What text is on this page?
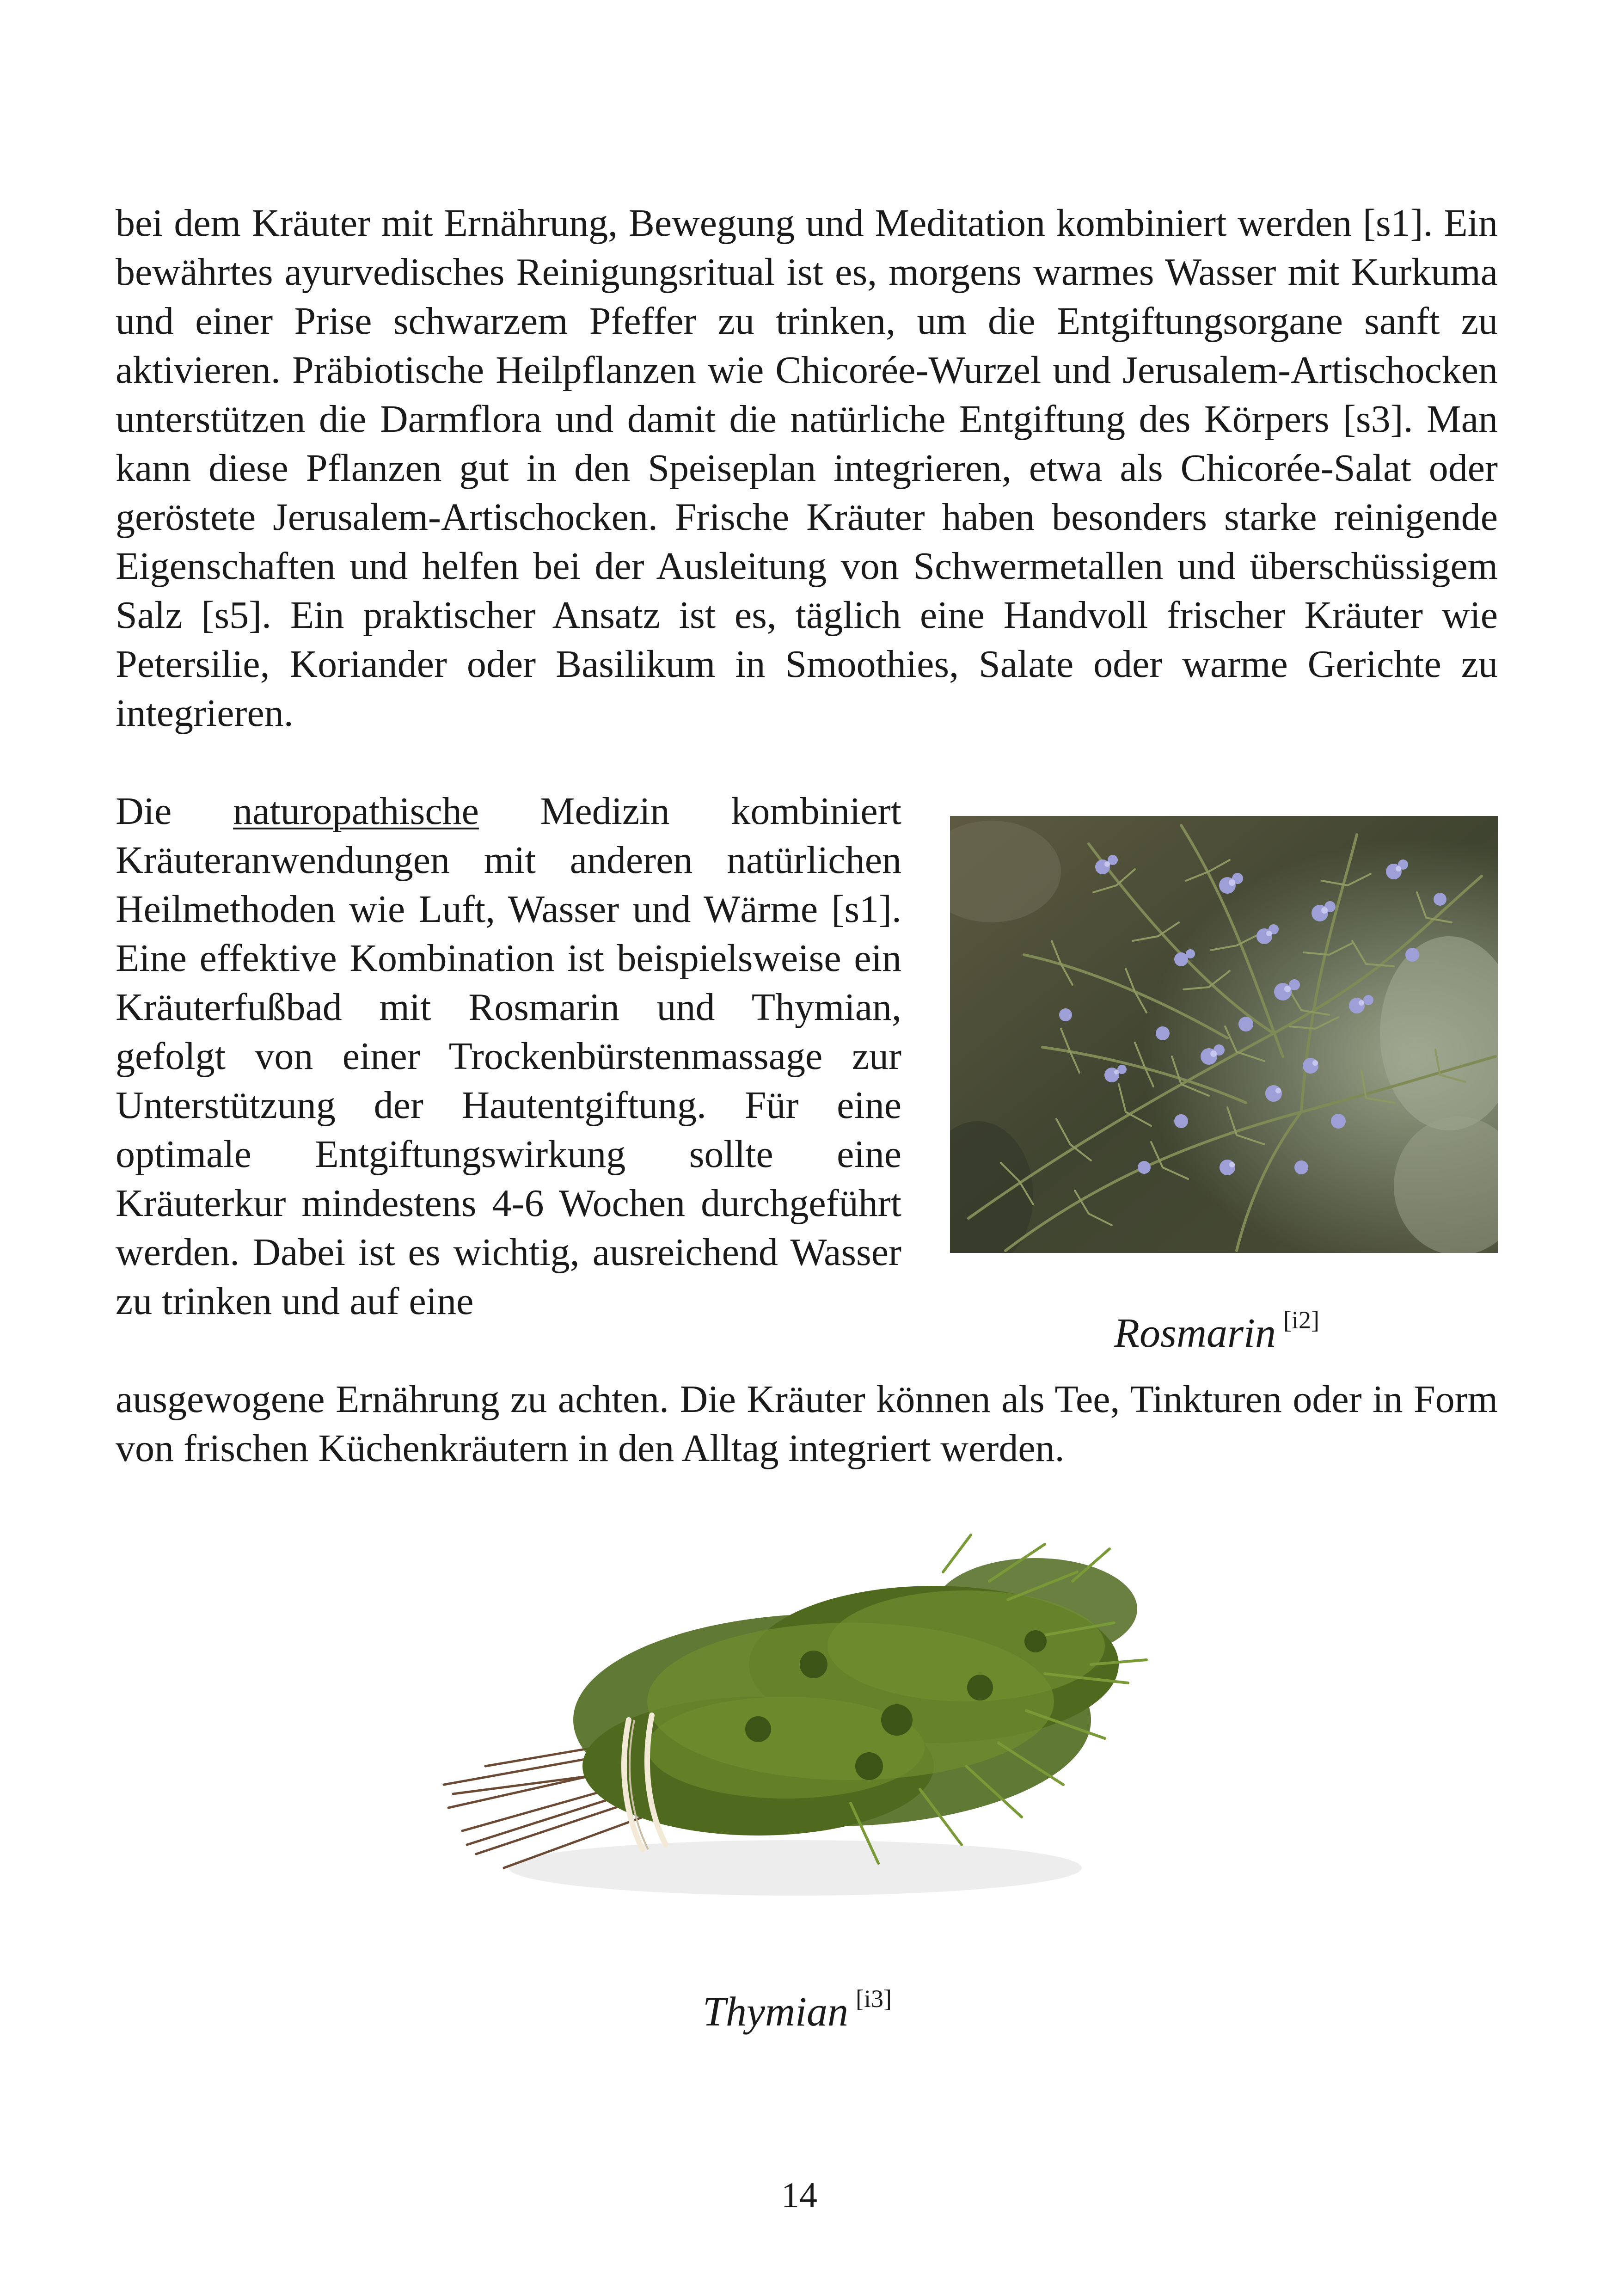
bei dem Kräuter mit Ernährung, Bewegung und Meditation kombiniert werden [s1]. Ein bewährtes ayurvedisches Reinigungsritual ist es, morgens warmes Wasser mit Kurkuma und einer Prise schwarzem Pfeffer zu trinken, um die Entgiftungsorgane sanft zu aktivieren. Präbiotische Heilpflanzen wie Chicorée-Wurzel und Jerusalem-Artischocken unterstützen die Darmflora und damit die natürliche Entgiftung des Körpers [s3]. Man kann diese Pflanzen gut in den Speiseplan integrieren, etwa als Chicorée-Salat oder geröstete Jerusalem-Artischocken. Frische Kräuter haben besonders starke reinigende Eigenschaften und helfen bei der Ausleitung von Schwermetallen und überschüssigem Salz [s5]. Ein praktischer Ansatz ist es, täglich eine Handvoll frischer Kräuter wie Petersilie, Koriander oder Basilikum in Smoothies, Salate oder warme Gerichte zu integrieren.

Die naturopathische Medizin kombiniert Kräuteranwendungen mit anderen natürlichen Heilmethoden wie Luft, Wasser und Wärme [s1]. Eine effektive Kombination ist beispielsweise ein Kräuterfußbad mit Rosmarin und Thymian, gefolgt von einer Trockenbürstenmassage zur Unterstützung der Hautentgiftung. Für eine optimale Entgiftungswirkung sollte eine Kräuterkur mindestens 4-6 Wochen durchgeführt werden. Dabei ist es wichtig, ausreichend Wasser zu trinken und auf eine

ausgewogene Ernährung zu achten. Die Kräuter können als Tee, Tinkturen oder in Form von frischen Küchenkräutern in den Alltag integriert werden.

Rosmarin [i2]

Thymian [i3]

14
